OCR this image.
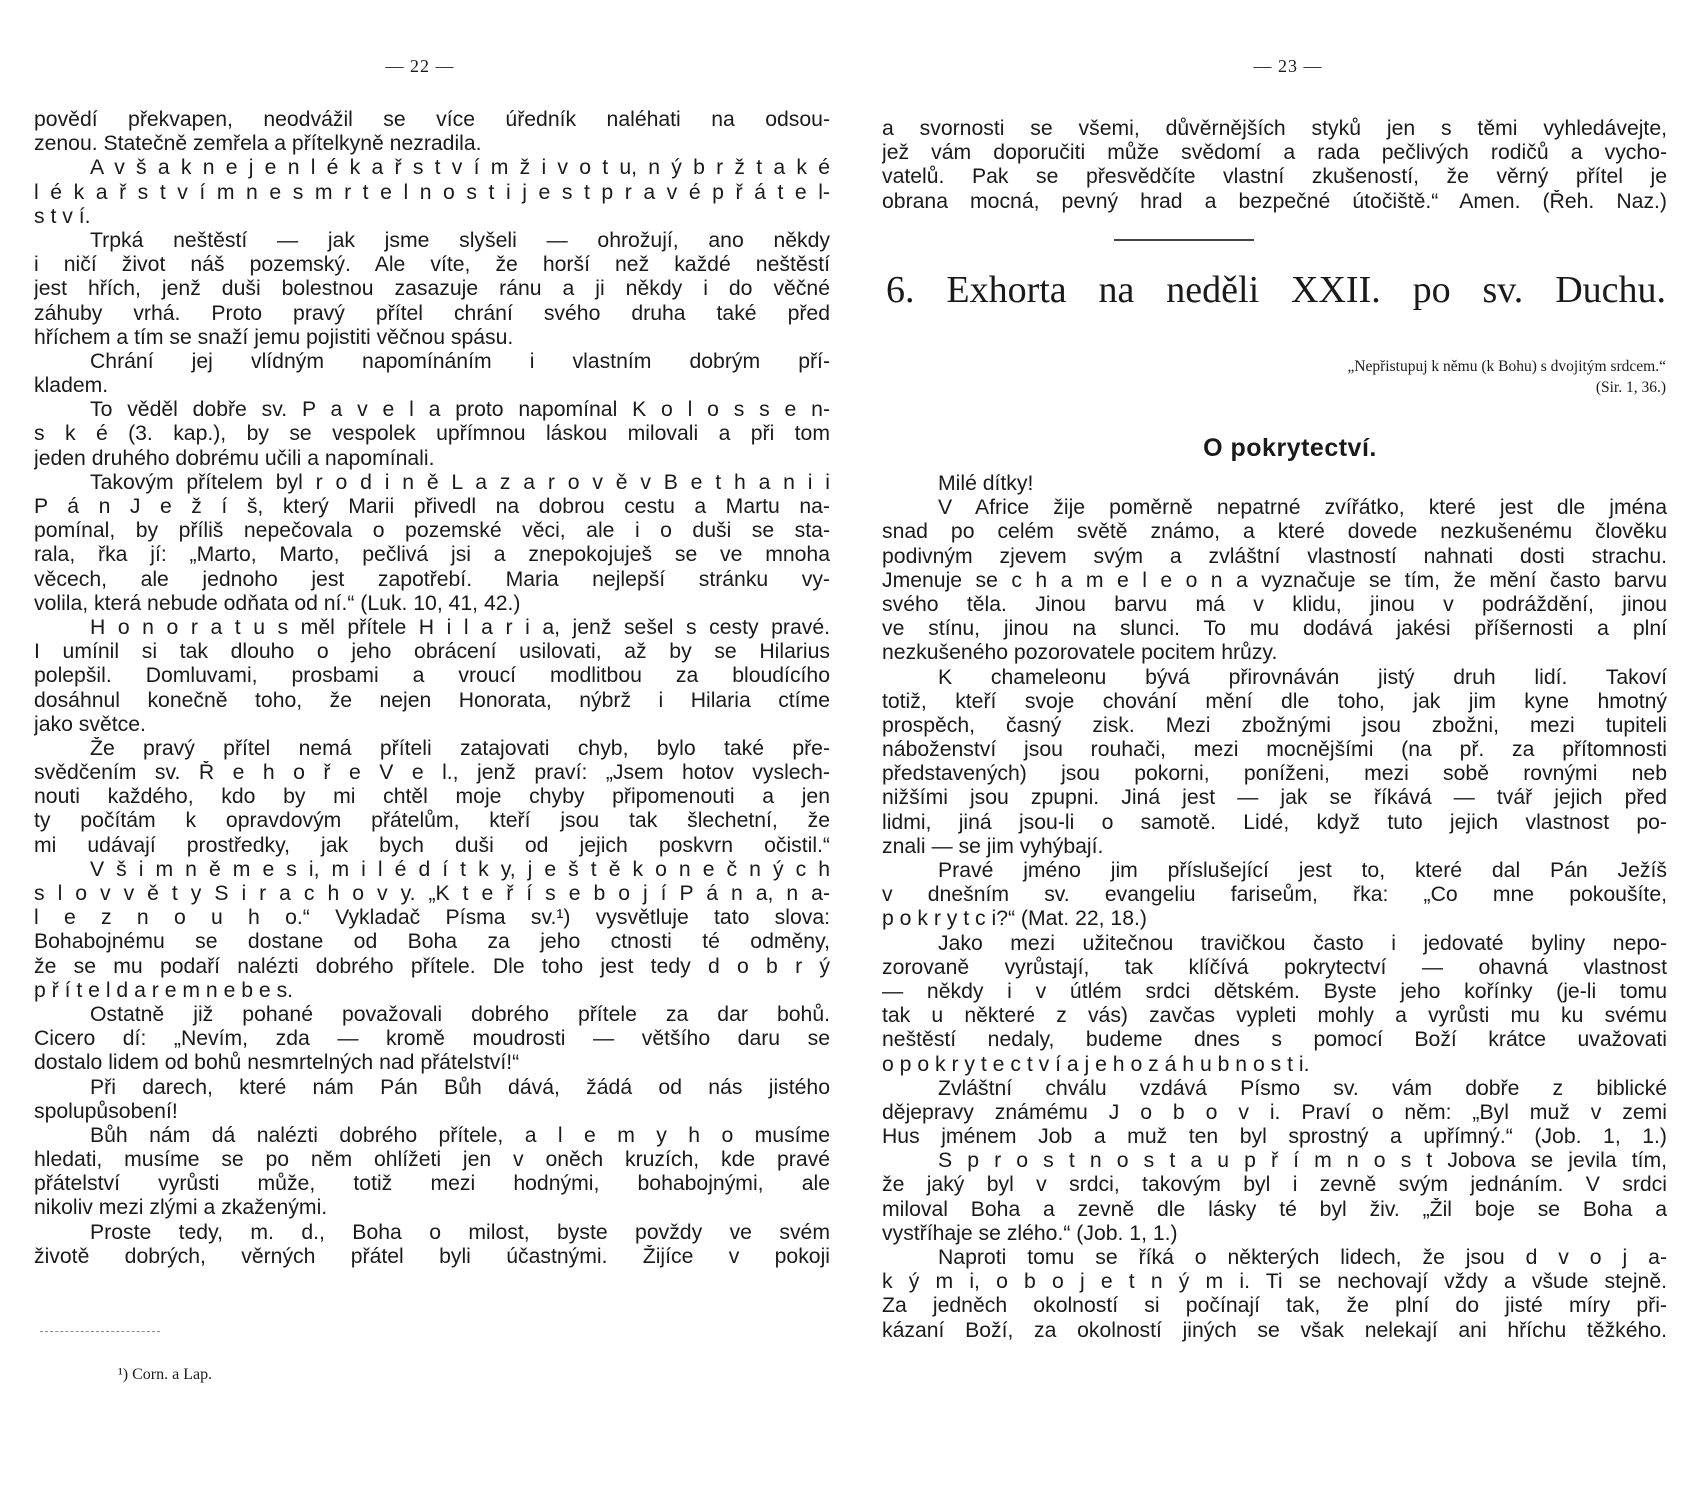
— 22 —
povědí překvapen, neodvážil se více úředník naléhati na odsou-
zenou. Statečně zemřela a přítelkyně nezradila.
A v š a k n e j e n l é k a ř s t v í m ž i v o t u, n ý b r ž t a k é
l é k a ř s t v í m n e s m r t e l n o s t i j e s t p r a v é p ř á t e l-
s t v í.
Trpká neštěstí — jak jsme slyšeli — ohrožují, ano někdy
i ničí život náš pozemský. Ale víte, že horší než každé neštěstí
jest hřích, jenž duši bolestnou zasazuje ránu a ji někdy i do věčné
záhuby vrhá. Proto pravý přítel chrání svého druha také před
hříchem a tím se snaží jemu pojistiti věčnou spásu.
Chrání jej vlídným napomínáním i vlastním dobrým pří-
kladem.
To věděl dobře sv. P a v e l a proto napomínal K o l o s s e n-
s k é (3. kap.), by se vespolek upřímnou láskou milovali a při tom
jeden druhého dobrému učili a napomínali.
Takovým přítelem byl r o d i n ě L a z a r o v ě v B e t h a n i i
P á n J e ž í š, který Marii přivedl na dobrou cestu a Martu na-
pomínal, by příliš nepečovala o pozemské věci, ale i o duši se sta-
rala, řka jí: „Marto, Marto, pečlivá jsi a znepokojuješ se ve mnoha
věcech, ale jednoho jest zapotřebí. Maria nejlepší stránku vy-
volila, která nebude odňata od ní.“ (Luk. 10, 41, 42.)
H o n o r a t u s měl přítele H i l a r i a, jenž sešel s cesty pravé.
I umínil si tak dlouho o jeho obrácení usilovati, až by se Hilarius
polepšil. Domluvami, prosbami a vroucí modlitbou za bloudícího
dosáhnul konečně toho, že nejen Honorata, nýbrž i Hilaria ctíme
jako světce.
Že pravý přítel nemá příteli zatajovati chyb, bylo také pře-
svědčením sv. Ř e h o ř e V e l., jenž praví: „Jsem hotov vyslech-
nouti každého, kdo by mi chtěl moje chyby připomenouti a jen
ty počítám k opravdovým přátelům, kteří jsou tak šlechetní, že
mi udávají prostředky, jak bych duši od jejich poskvrn očistil.“
V š i m n ě m e s i, m i l é d í t k y, j e š t ě k o n e č n ý c h
s l o v v ě t y S i r a c h o v y. „K t e ř í s e b o j í P á n a, n a-
l e z n o u h o.“ Vykladač Písma sv.¹) vysvětluje tato slova:
Bohabojnému se dostane od Boha za jeho ctnosti té odměny,
že se mu podaří nalézti dobrého přítele. Dle toho jest tedy d o b r ý
p ř í t e l d a r e m n e b e s.
Ostatně již pohané považovali dobrého přítele za dar bohů.
Cicero dí: „Nevím, zda — kromě moudrosti — většího daru se
dostalo lidem od bohů nesmrtelných nad přátelství!“
Při darech, které nám Pán Bůh dává, žádá od nás jistého
spolupůsobení!
Bůh nám dá nalézti dobrého přítele, a l e m y h o musíme
hledati, musíme se po něm ohlížeti jen v oněch kruzích, kde pravé
přátelství vyrůsti může, totiž mezi hodnými, bohabojnými, ale
nikoliv mezi zlými a zkaženými.
Proste tedy, m. d., Boha o milost, byste povždy ve svém
životě dobrých, věrných přátel byli účastnými. Žijíce v pokoji
¹) Corn. a Lap.
— 23 —
a svornosti se všemi, důvěrnějších styků jen s těmi vyhledávejte,
jež vám doporučiti může svědomí a rada pečlivých rodičů a vycho-
vatelů. Pak se přesvědčíte vlastní zkušeností, že věrný přítel je
obrana mocná, pevný hrad a bezpečné útočiště.“ Amen. (Řeh. Naz.)
6. Exhorta na neděli XXII. po sv. Duchu.
„Nepřistupuj k němu (k Bohu) s dvojitým srdcem.“
(Sir. 1, 36.)
O pokrytectví.
Milé dítky!
V Africe žije poměrně nepatrné zvířátko, které jest dle jména
snad po celém světě známo, a které dovede nezkušenému člověku
podivným zjevem svým a zvláštní vlastností nahnati dosti strachu.
Jmenuje se c h a m e l e o n a vyznačuje se tím, že mění často barvu
svého těla. Jinou barvu má v klidu, jinou v podráždění, jinou
ve stínu, jinou na slunci. To mu dodává jakési příšernosti a plní
nezkušeného pozorovatele pocitem hrůzy.
K chameleonu bývá přirovnáván jistý druh lidí. Takoví
totiž, kteří svoje chování mění dle toho, jak jim kyne hmotný
prospěch, časný zisk. Mezi zbožnými jsou zbožni, mezi tupiteli
náboženství jsou rouhači, mezi mocnějšími (na př. za přítomnosti
představených) jsou pokorni, poníženi, mezi sobě rovnými neb
nižšími jsou zpupni. Jiná jest — jak se říkává — tvář jejich před
lidmi, jiná jsou-li o samotě. Lidé, když tuto jejich vlastnost po-
znali — se jim vyhýbají.
Pravé jméno jim příslušející jest to, které dal Pán Ježíš
v dnešním sv. evangeliu fariseům, řka: „Co mne pokoušíte,
p o k r y t c i?“ (Mat. 22, 18.)
Jako mezi užitečnou travičkou často i jedovaté byliny nepo-
zorovaně vyrůstají, tak klíčívá pokrytectví — ohavná vlastnost
— někdy i v útlém srdci dětském. Byste jeho kořínky (je-li tomu
tak u některé z vás) zavčas vypleti mohly a vyrůsti mu ku svému
neštěstí nedaly, budeme dnes s pomocí Boží krátce uvažovati
o p o k r y t e c t v í a j e h o z á h u b n o s t i.
Zvláštní chválu vzdává Písmo sv. vám dobře z biblické
dějepravy známému J o b o v i. Praví o něm: „Byl muž v zemi
Hus jménem Job a muž ten byl sprostný a upřímný.“ (Job. 1, 1.)
S p r o s t n o s t a u p ř í m n o s t Jobova se jevila tím,
že jaký byl v srdci, takovým byl i zevně svým jednáním. V srdci
miloval Boha a zevně dle lásky té byl živ. „Žil boje se Boha a
vystříhaje se zlého.“ (Job. 1, 1.)
Naproti tomu se říká o některých lidech, že jsou d v o j a-
k ý m i, o b o j e t n ý m i. Ti se nechovají vždy a všude stejně.
Za jedněch okolností si počínají tak, že plní do jisté míry při-
kázaní Boží, za okolností jiných se však nelekají ani hříchu těžkého.
